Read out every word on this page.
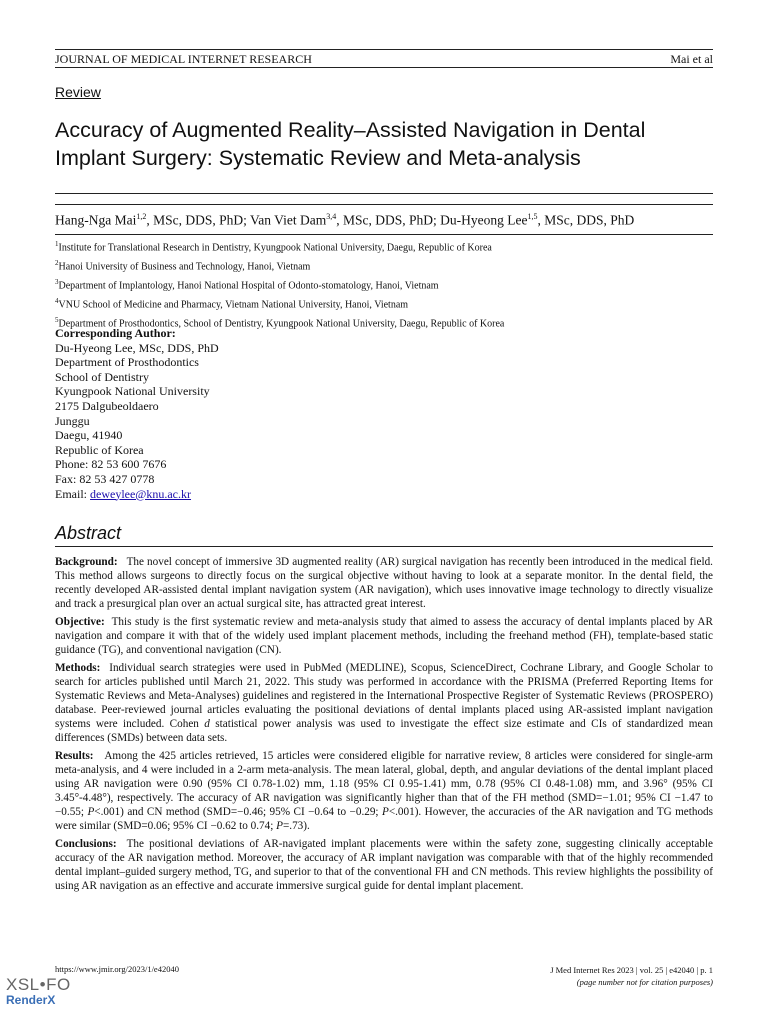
JOURNAL OF MEDICAL INTERNET RESEARCH	Mai et al
Review
Accuracy of Augmented Reality–Assisted Navigation in Dental Implant Surgery: Systematic Review and Meta-analysis
Hang-Nga Mai$^{1,2}$, MSc, DDS, PhD; Van Viet Dam$^{3,4}$, MSc, DDS, PhD; Du-Hyeong Lee$^{1,5}$, MSc, DDS, PhD
$^1$Institute for Translational Research in Dentistry, Kyungpook National University, Daegu, Republic of Korea
$^2$Hanoi University of Business and Technology, Hanoi, Vietnam
$^3$Department of Implantology, Hanoi National Hospital of Odonto-stomatology, Hanoi, Vietnam
$^4$VNU School of Medicine and Pharmacy, Vietnam National University, Hanoi, Vietnam
$^5$Department of Prosthodontics, School of Dentistry, Kyungpook National University, Daegu, Republic of Korea
Corresponding Author:
Du-Hyeong Lee, MSc, DDS, PhD
Department of Prosthodontics
School of Dentistry
Kyungpook National University
2175 Dalgubeoldaero
Junggu
Daegu, 41940
Republic of Korea
Phone: 82 53 600 7676
Fax: 82 53 427 0778
Email: deweylee@knu.ac.kr
Abstract

Background: The novel concept of immersive 3D augmented reality (AR) surgical navigation has recently been introduced in the medical field. This method allows surgeons to directly focus on the surgical objective without having to look at a separate monitor. In the dental field, the recently developed AR-assisted dental implant navigation system (AR navigation), which uses innovative image technology to directly visualize and track a presurgical plan over an actual surgical site, has attracted great interest.

Objective: This study is the first systematic review and meta-analysis study that aimed to assess the accuracy of dental implants placed by AR navigation and compare it with that of the widely used implant placement methods, including the freehand method (FH), template-based static guidance (TG), and conventional navigation (CN).

Methods: Individual search strategies were used in PubMed (MEDLINE), Scopus, ScienceDirect, Cochrane Library, and Google Scholar to search for articles published until March 21, 2022. This study was performed in accordance with the PRISMA (Preferred Reporting Items for Systematic Reviews and Meta-Analyses) guidelines and registered in the International Prospective Register of Systematic Reviews (PROSPERO) database. Peer-reviewed journal articles evaluating the positional deviations of dental implants placed using AR-assisted implant navigation systems were included. Cohen d statistical power analysis was used to investigate the effect size estimate and CIs of standardized mean differences (SMDs) between data sets.

Results: Among the 425 articles retrieved, 15 articles were considered eligible for narrative review, 8 articles were considered for single-arm meta-analysis, and 4 were included in a 2-arm meta-analysis. The mean lateral, global, depth, and angular deviations of the dental implant placed using AR navigation were 0.90 (95% CI 0.78-1.02) mm, 1.18 (95% CI 0.95-1.41) mm, 0.78 (95% CI 0.48-1.08) mm, and 3.96° (95% CI 3.45°-4.48°), respectively. The accuracy of AR navigation was significantly higher than that of the FH method (SMD=−1.01; 95% CI −1.47 to −0.55; P<.001) and CN method (SMD=−0.46; 95% CI −0.64 to −0.29; P<.001). However, the accuracies of the AR navigation and TG methods were similar (SMD=0.06; 95% CI −0.62 to 0.74; P=.73).

Conclusions: The positional deviations of AR-navigated implant placements were within the safety zone, suggesting clinically acceptable accuracy of the AR navigation method. Moreover, the accuracy of AR implant navigation was comparable with that of the highly recommended dental implant–guided surgery method, TG, and superior to that of the conventional FH and CN methods. This review highlights the possibility of using AR navigation as an effective and accurate immersive surgical guide for dental implant placement.

https://www.jmir.org/2023/1/e42040	J Med Internet Res 2023 | vol. 25 | e42040 | p. 1
(page number not for citation purposes)
XSL•FO
RenderX
